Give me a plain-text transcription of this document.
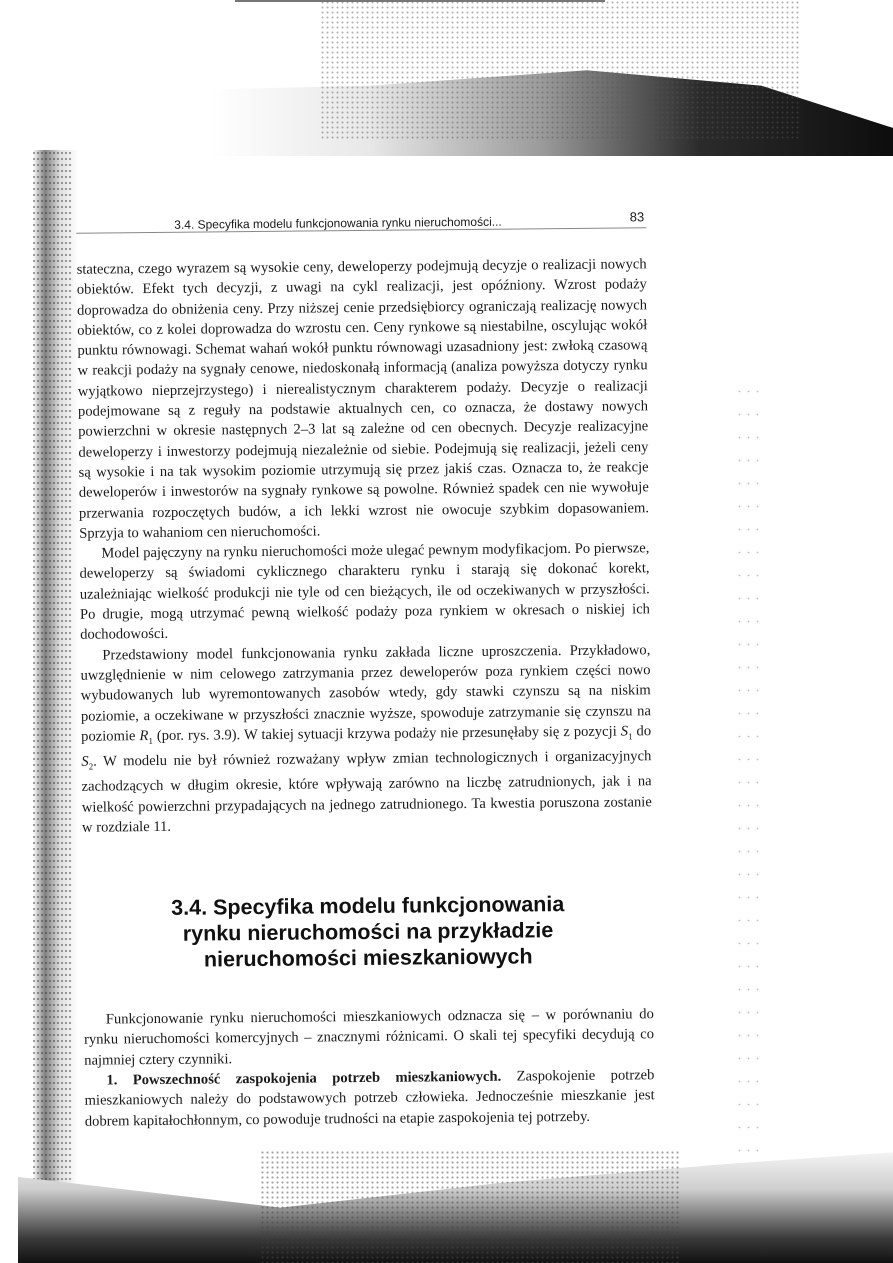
3.4. Specyfika modelu funkcjonowania rynku nieruchomości...	83

stateczna, czego wyrazem są wysokie ceny, deweloperzy podejmują decyzje o realizacji nowych obiektów. Efekt tych decyzji, z uwagi na cykl realizacji, jest opóźniony. Wzrost podaży doprowadza do obniżenia ceny. Przy niższej cenie przedsiębiorcy ograniczają realizację nowych obiektów, co z kolei doprowadza do wzrostu cen. Ceny rynkowe są niestabilne, oscylując wokół punktu równowagi. Schemat wahań wokół punktu równowagi uzasadniony jest: zwłoką czasową w reakcji podaży na sygnały cenowe, niedoskonałą informacją (analiza powyższa dotyczy rynku wyjątkowo nieprzejrzystego) i nierealistycznym charakterem podaży. Decyzje o realizacji podejmowane są z reguły na podstawie aktualnych cen, co oznacza, że dostawy nowych powierzchni w okresie następnych 2–3 lat są zależne od cen obecnych. Decyzje realizacyjne deweloperzy i inwestorzy podejmują niezależnie od siebie. Podejmują się realizacji, jeżeli ceny są wysokie i na tak wysokim poziomie utrzymują się przez jakiś czas. Oznacza to, że reakcje deweloperów i inwestorów na sygnały rynkowe są powolne. Również spadek cen nie wywołuje przerwania rozpoczętych budów, a ich lekki wzrost nie owocuje szybkim dopasowaniem. Sprzyja to wahaniom cen nieruchomości.

Model pajęczyny na rynku nieruchomości może ulegać pewnym modyfikacjom. Po pierwsze, deweloperzy są świadomi cyklicznego charakteru rynku i starają się dokonać korekt, uzależniając wielkość produkcji nie tyle od cen bieżących, ile od oczekiwanych w przyszłości. Po drugie, mogą utrzymać pewną wielkość podaży poza rynkiem w okresach o niskiej ich dochodowości.

Przedstawiony model funkcjonowania rynku zakłada liczne uproszczenia. Przykładowo, uwzględnienie w nim celowego zatrzymania przez deweloperów poza rynkiem części nowo wybudowanych lub wyremontowanych zasobów wtedy, gdy stawki czynszu są na niskim poziomie, a oczekiwane w przyszłości znacznie wyższe, spowoduje zatrzymanie się czynszu na poziomie $R_1$ (por. rys. 3.9). W takiej sytuacji krzywa podaży nie przesunęłaby się z pozycji $S_1$ do $S_2$. W modelu nie był również rozważany wpływ zmian technologicznych i organizacyjnych zachodzących w długim okresie, które wpływają zarówno na liczbę zatrudnionych, jak i na wielkość powierzchni przypadających na jednego zatrudnionego. Ta kwestia poruszona zostanie w rozdziale 11.

3.4. Specyfika modelu funkcjonowania
rynku nieruchomości na przykładzie
nieruchomości mieszkaniowych

Funkcjonowanie rynku nieruchomości mieszkaniowych odznacza się – w porównaniu do rynku nieruchomości komercyjnych – znacznymi różnicami. O skali tej specyfiki decydują co najmniej cztery czynniki.

1. Powszechność zaspokojenia potrzeb mieszkaniowych. Zaspokojenie potrzeb mieszkaniowych należy do podstawowych potrzeb człowieka. Jednocześnie mieszkanie jest dobrem kapitałochłonnym, co powoduje trudności na etapie zaspokojenia tej potrzeby.
